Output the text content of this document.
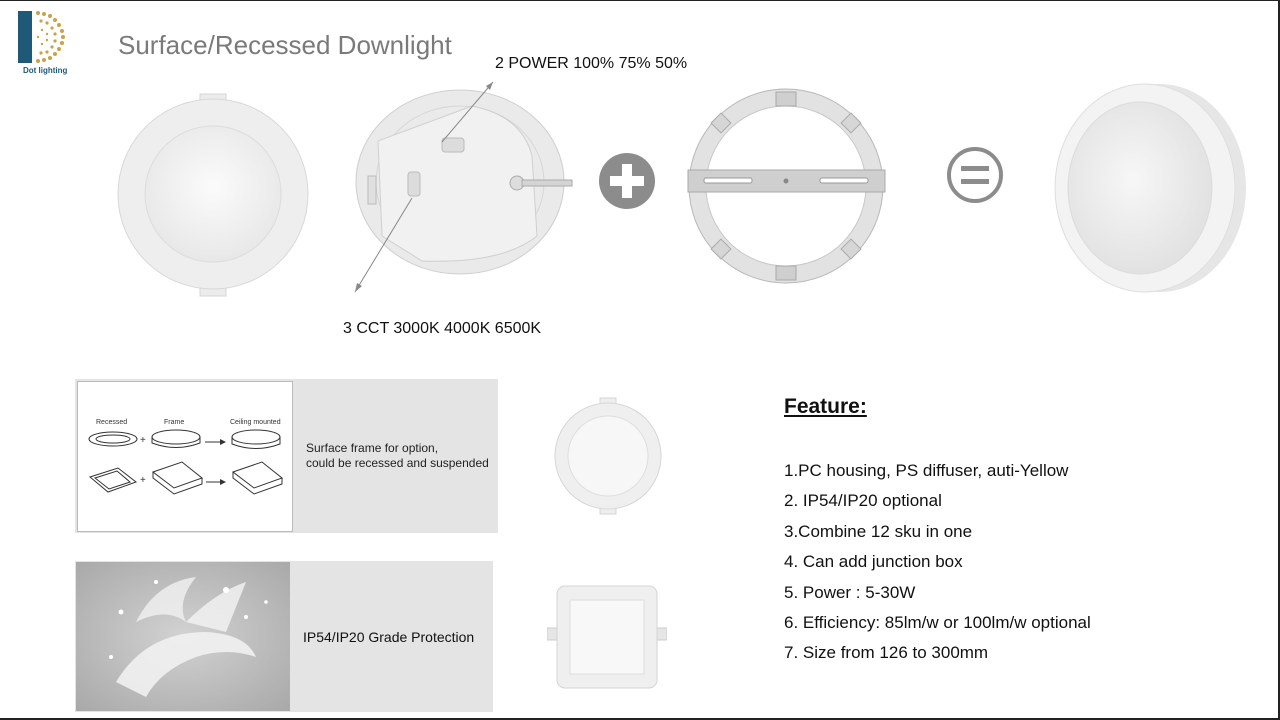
Dot lighting
Surface/Recessed Downlight
2 POWER 100% 75% 50%
3 CCT 3000K 4000K 6500K
Recessed	Frame	Ceiling mounted
+
+
Surface frame for option,
could be recessed and suspended
IP54/IP20 Grade Protection
Feature:
1.PC housing, PS diffuser, auti-Yellow
2. IP54/IP20 optional
3.Combine 12 sku in one
4. Can add junction box
5. Power : 5-30W
6. Efficiency: 85lm/w or 100lm/w optional
7. Size from 126 to 300mm
